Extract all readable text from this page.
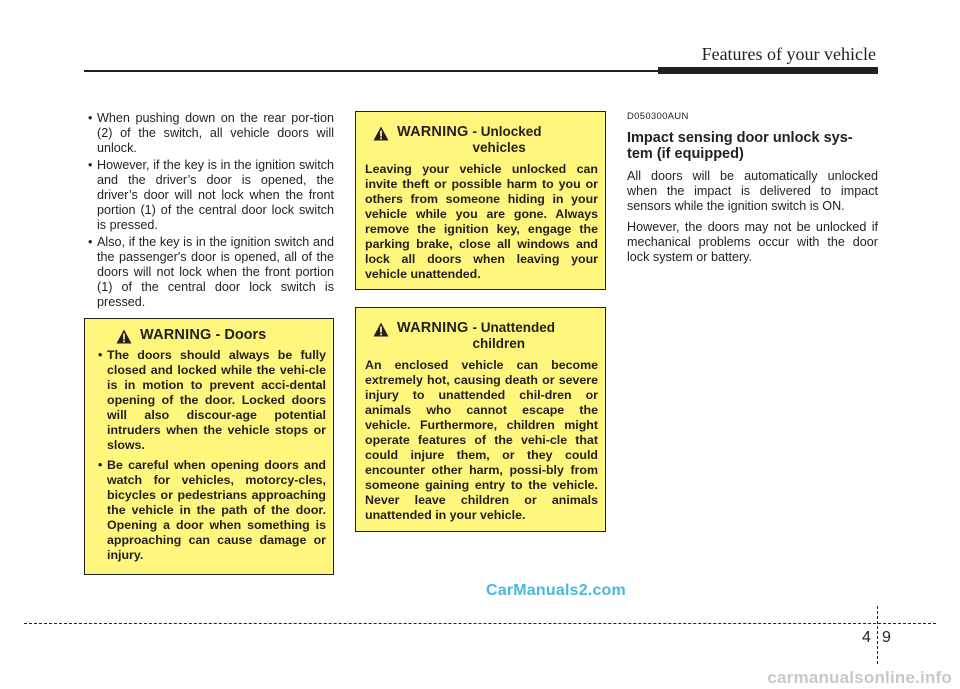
Features of your vehicle
• When pushing down on the rear por-tion (2) of the switch, all vehicle doors will unlock.
• However, if the key is in the ignition switch and the driver’s door is opened, the driver’s door will not lock when the front portion (1) of the central door lock switch is pressed.
• Also, if the key is in the ignition switch and the passenger's door is opened, all of the doors will not lock when the front portion (1) of the central door lock switch is pressed.
WARNING - Doors
• The doors should always be fully closed and locked while the vehi-cle is in motion to prevent acci-dental opening of the door. Locked doors will also discour-age potential intruders when the vehicle stops or slows.
• Be careful when opening doors and watch for vehicles, motorcy-cles, bicycles or pedestrians approaching the vehicle in the path of the door. Opening a door when something is approaching can cause damage or injury.
WARNING - Unlocked vehicles
Leaving your vehicle unlocked can invite theft or possible harm to you or others from someone hiding in your vehicle while you are gone. Always remove the ignition key, engage the parking brake, close all windows and lock all doors when leaving your vehicle unattended.
WARNING - Unattended children
An enclosed vehicle can become extremely hot, causing death or severe injury to unattended chil-dren or animals who cannot escape the vehicle. Furthermore, children might operate features of the vehi-cle that could injure them, or they could encounter other harm, possi-bly from someone gaining entry to the vehicle. Never leave children or animals unattended in your vehicle.
D050300AUN
Impact sensing door unlock sys-tem (if equipped)

All doors will be automatically unlocked when the impact is delivered to impact sensors while the ignition switch is ON.

However, the doors may not be unlocked if mechanical problems occur with the door lock system or battery.

CarManuals2.com
4 9
carmanualsonline.info
